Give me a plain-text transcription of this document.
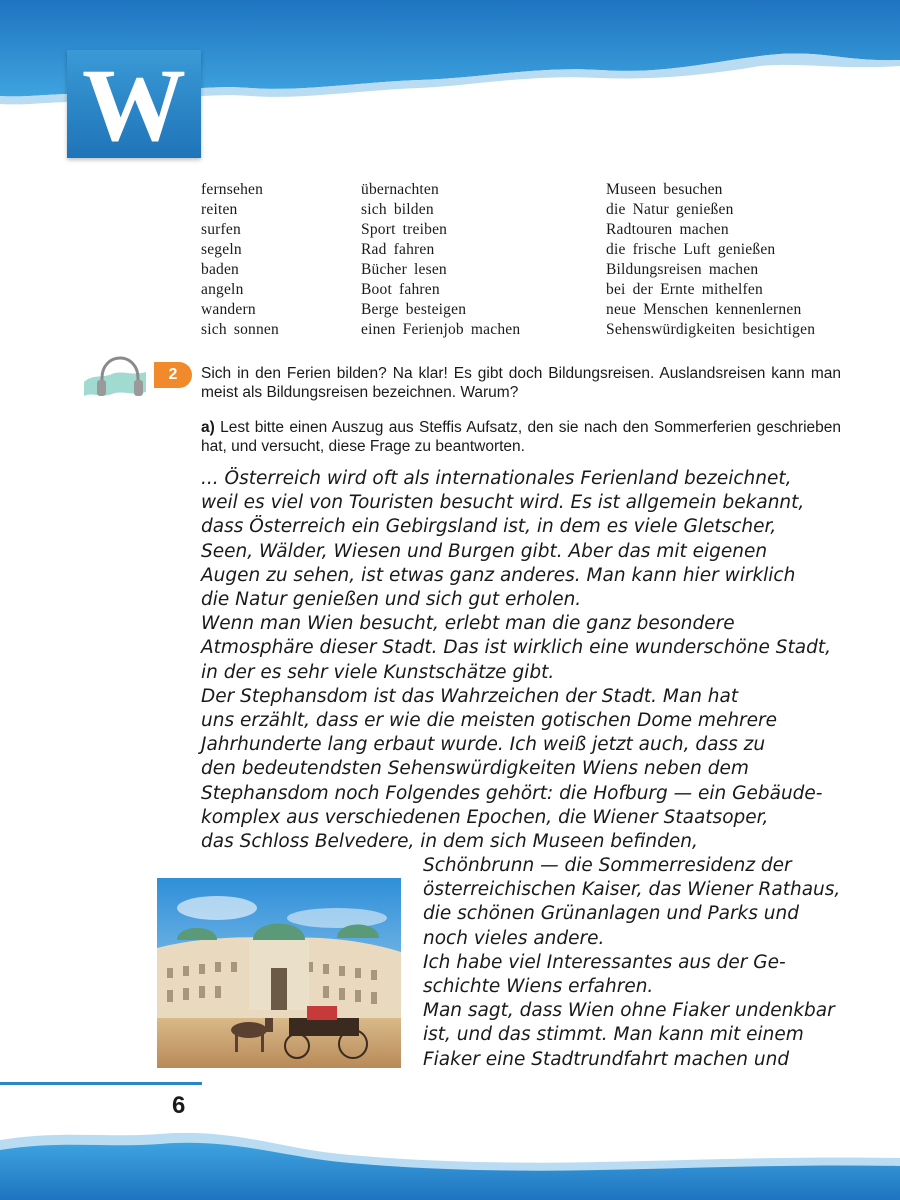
W
fernsehen
reiten
surfen
segeln
baden
angeln
wandern
sich sonnen
übernachten
sich bilden
Sport treiben
Rad fahren
Bücher lesen
Boot fahren
Berge besteigen
einen Ferienjob machen
Museen besuchen
die Natur genießen
Radtouren machen
die frische Luft genießen
Bildungsreisen machen
bei der Ernte mithelfen
neue Menschen kennenlernen
Sehenswürdigkeiten besichtigen
2	Sich in den Ferien bilden? Na klar! Es gibt doch Bildungsreisen. Auslandsreisen kann man meist als Bildungsreisen bezeichnen. Warum?

a) Lest bitte einen Auszug aus Steffis Aufsatz, den sie nach den Sommerferien geschrieben hat, und versucht, diese Frage zu beantworten.

... Österreich wird oft als internationales Ferienland bezeichnet,
weil es viel von Touristen besucht wird. Es ist allgemein bekannt,
dass Österreich ein Gebirgsland ist, in dem es viele Gletscher,
Seen, Wälder, Wiesen und Burgen gibt. Aber das mit eigenen
Augen zu sehen, ist etwas ganz anderes. Man kann hier wirklich
die Natur genießen und sich gut erholen.
Wenn man Wien besucht, erlebt man die ganz besondere
Atmosphäre dieser Stadt. Das ist wirklich eine wunderschöne Stadt,
in der es sehr viele Kunstschätze gibt.
Der Stephansdom ist das Wahrzeichen der Stadt. Man hat
uns erzählt, dass er wie die meisten gotischen Dome mehrere
Jahrhunderte lang erbaut wurde. Ich weiß jetzt auch, dass zu
den bedeutendsten Sehenswürdigkeiten Wiens neben dem
Stephansdom noch Folgendes gehört: die Hofburg — ein Gebäude-
komplex aus verschiedenen Epochen, die Wiener Staatsoper,
das Schloss Belvedere, in dem sich Museen befinden,
Schönbrunn — die Sommerresidenz der
österreichischen Kaiser, das Wiener Rathaus,
die schönen Grünanlagen und Parks und
noch vieles andere.
Ich habe viel Interessantes aus der Ge-
schichte Wiens erfahren.
Man sagt, dass Wien ohne Fiaker undenkbar
ist, und das stimmt. Man kann mit einem
Fiaker eine Stadtrundfahrt machen und
6
